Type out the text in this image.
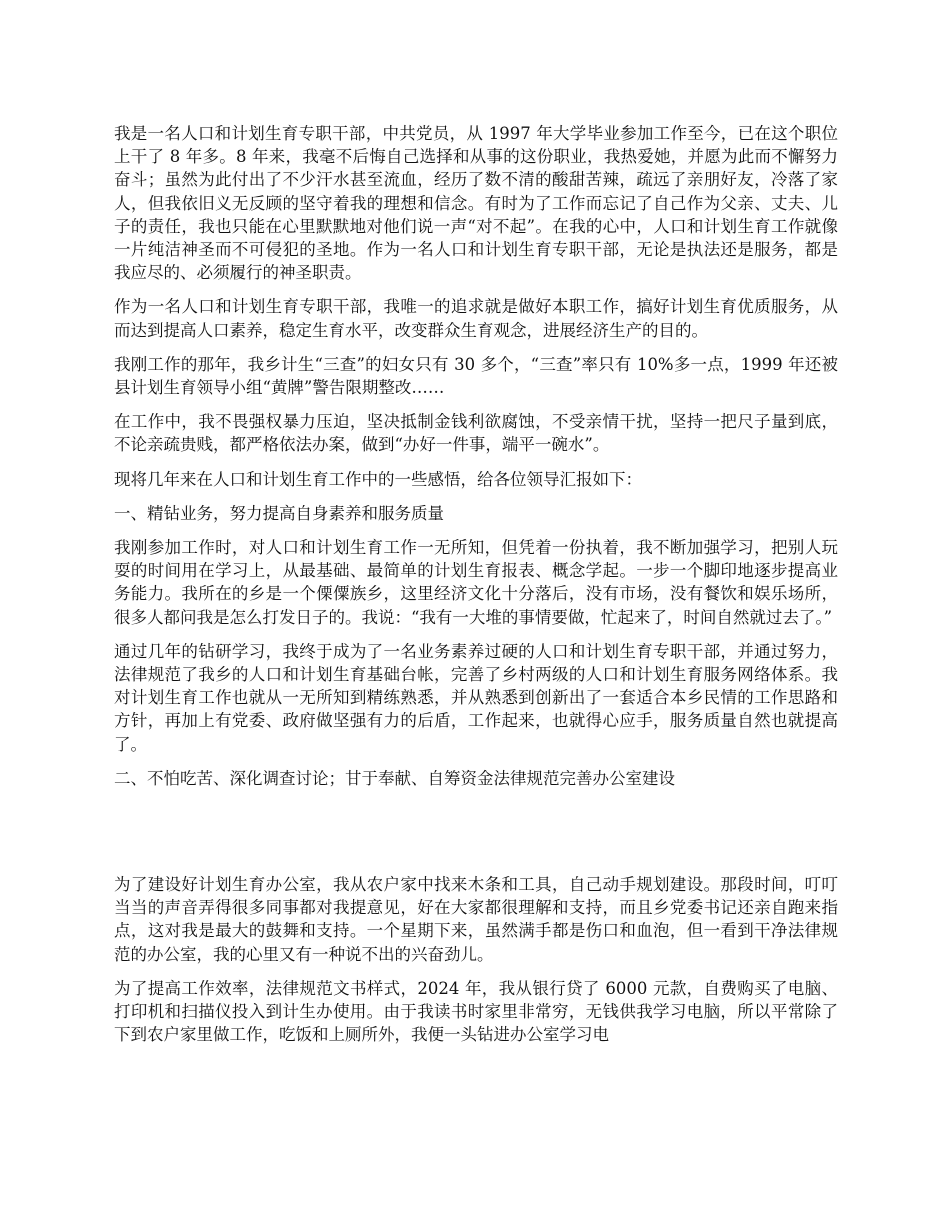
我是一名人口和计划生育专职干部，中共党员，从 1997 年大学毕业参加工作至今，已在这个职位上干了 8 年多。8 年来，我毫不后悔自己选择和从事的这份职业，我热爱她，并愿为此而不懈努力奋斗；虽然为此付出了不少汗水甚至流血，经历了数不清的酸甜苦辣，疏远了亲朋好友，冷落了家人，但我依旧义无反顾的坚守着我的理想和信念。有时为了工作而忘记了自己作为父亲、丈夫、儿子的责任，我也只能在心里默默地对他们说一声“对不起”。在我的心中，人口和计划生育工作就像一片纯洁神圣而不可侵犯的圣地。作为一名人口和计划生育专职干部，无论是执法还是服务，都是我应尽的、必须履行的神圣职责。

作为一名人口和计划生育专职干部，我唯一的追求就是做好本职工作，搞好计划生育优质服务，从而达到提高人口素养，稳定生育水平，改变群众生育观念，进展经济生产的目的。

我刚工作的那年，我乡计生“三查”的妇女只有 30 多个，“三查”率只有 10%多一点，1999 年还被县计划生育领导小组“黄牌”警告限期整改……

在工作中，我不畏强权暴力压迫，坚决抵制金钱利欲腐蚀，不受亲情干扰，坚持一把尺子量到底，不论亲疏贵贱，都严格依法办案，做到“办好一件事，端平一碗水”。

现将几年来在人口和计划生育工作中的一些感悟，给各位领导汇报如下：

一、精钻业务，努力提高自身素养和服务质量

我刚参加工作时，对人口和计划生育工作一无所知，但凭着一份执着，我不断加强学习，把别人玩耍的时间用在学习上，从最基础、最简单的计划生育报表、概念学起。一步一个脚印地逐步提高业务能力。我所在的乡是一个傈僳族乡，这里经济文化十分落后，没有市场，没有餐饮和娱乐场所，很多人都问我是怎么打发日子的。我说：“我有一大堆的事情要做，忙起来了，时间自然就过去了。”

通过几年的钻研学习，我终于成为了一名业务素养过硬的人口和计划生育专职干部，并通过努力，法律规范了我乡的人口和计划生育基础台帐，完善了乡村两级的人口和计划生育服务网络体系。我对计划生育工作也就从一无所知到精练熟悉，并从熟悉到创新出了一套适合本乡民情的工作思路和方针，再加上有党委、政府做坚强有力的后盾，工作起来，也就得心应手，服务质量自然也就提高了。

二、不怕吃苦、深化调查讨论；甘于奉献、自筹资金法律规范完善办公室建设

为了建设好计划生育办公室，我从农户家中找来木条和工具，自己动手规划建设。那段时间，叮叮当当的声音弄得很多同事都对我提意见，好在大家都很理解和支持，而且乡党委书记还亲自跑来指点，这对我是最大的鼓舞和支持。一个星期下来，虽然满手都是伤口和血泡，但一看到干净法律规范的办公室，我的心里又有一种说不出的兴奋劲儿。

为了提高工作效率，法律规范文书样式，2024 年，我从银行贷了 6000 元款，自费购买了电脑、打印机和扫描仪投入到计生办使用。由于我读书时家里非常穷，无钱供我学习电脑，所以平常除了下到农户家里做工作，吃饭和上厕所外，我便一头钻进办公室学习电
